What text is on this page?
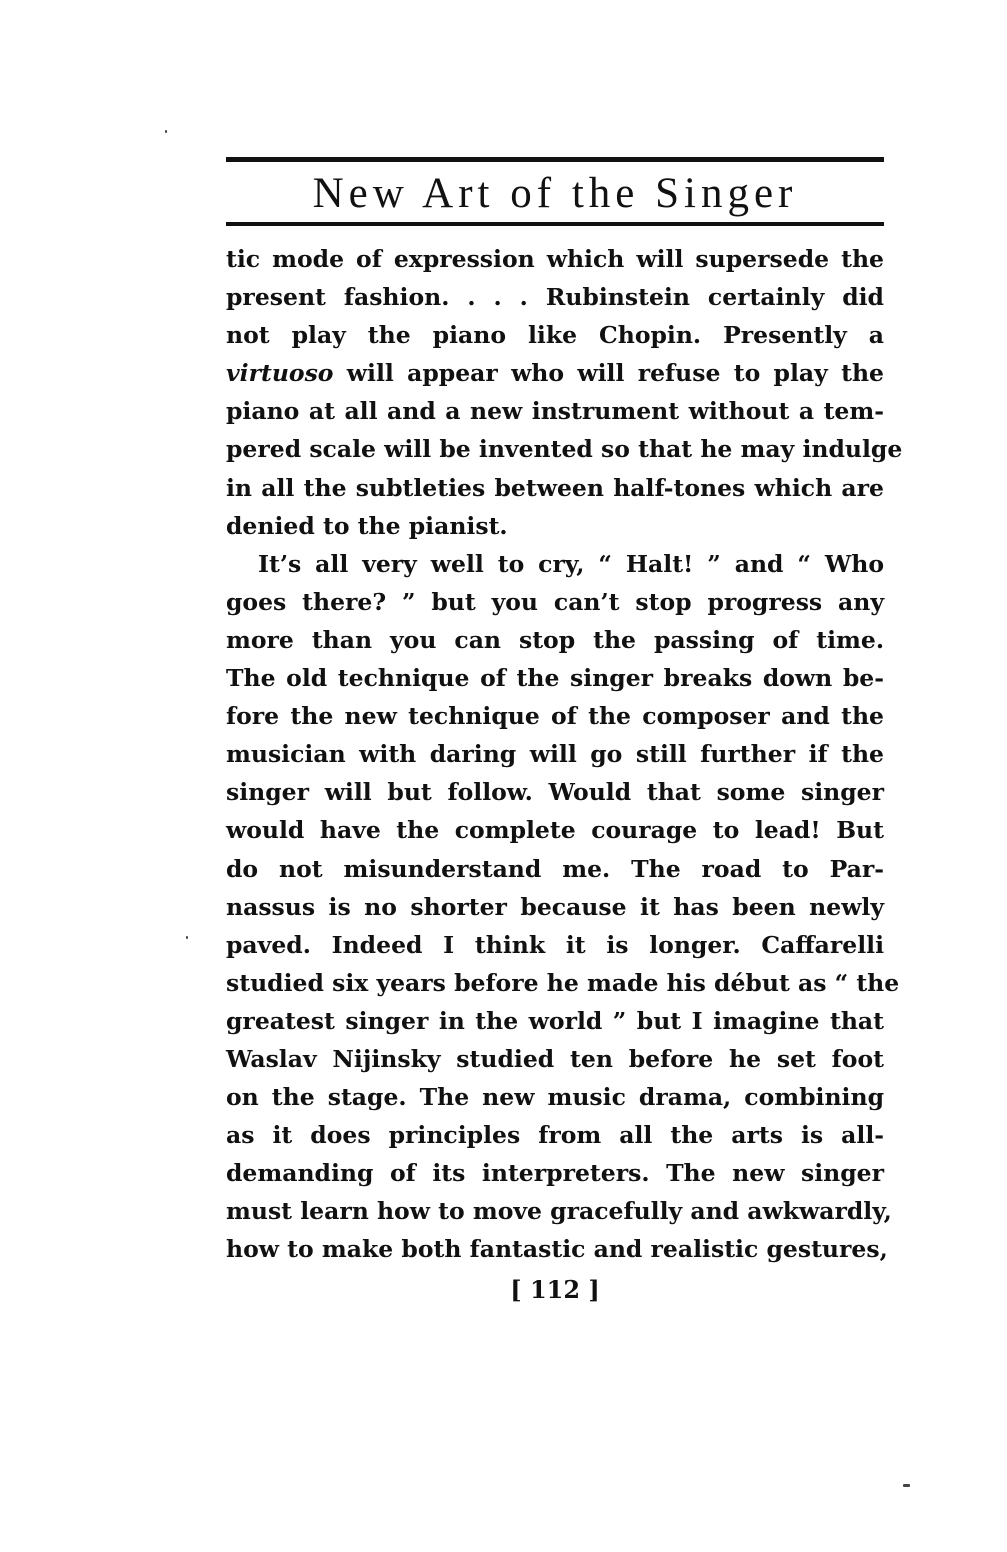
New Art of the Singer
tic mode of expression which will supersede the
present fashion. . . . Rubinstein certainly did
not play the piano like Chopin. Presently a
virtuoso will appear who will refuse to play the
piano at all and a new instrument without a tem-
pered scale will be invented so that he may indulge
in all the subtleties between half-tones which are
denied to the pianist.
It’s all very well to cry, “ Halt! ” and “ Who
goes there? ” but you can’t stop progress any
more than you can stop the passing of time.
The old technique of the singer breaks down be-
fore the new technique of the composer and the
musician with daring will go still further if the
singer will but follow. Would that some singer
would have the complete courage to lead! But
do not misunderstand me. The road to Par-
nassus is no shorter because it has been newly
paved. Indeed I think it is longer. Caffarelli
studied six years before he made his début as “ the
greatest singer in the world ” but I imagine that
Waslav Nijinsky studied ten before he set foot
on the stage. The new music drama, combining
as it does principles from all the arts is all-
demanding of its interpreters. The new singer
must learn how to move gracefully and awkwardly,
how to make both fantastic and realistic gestures,
[ 112 ]
